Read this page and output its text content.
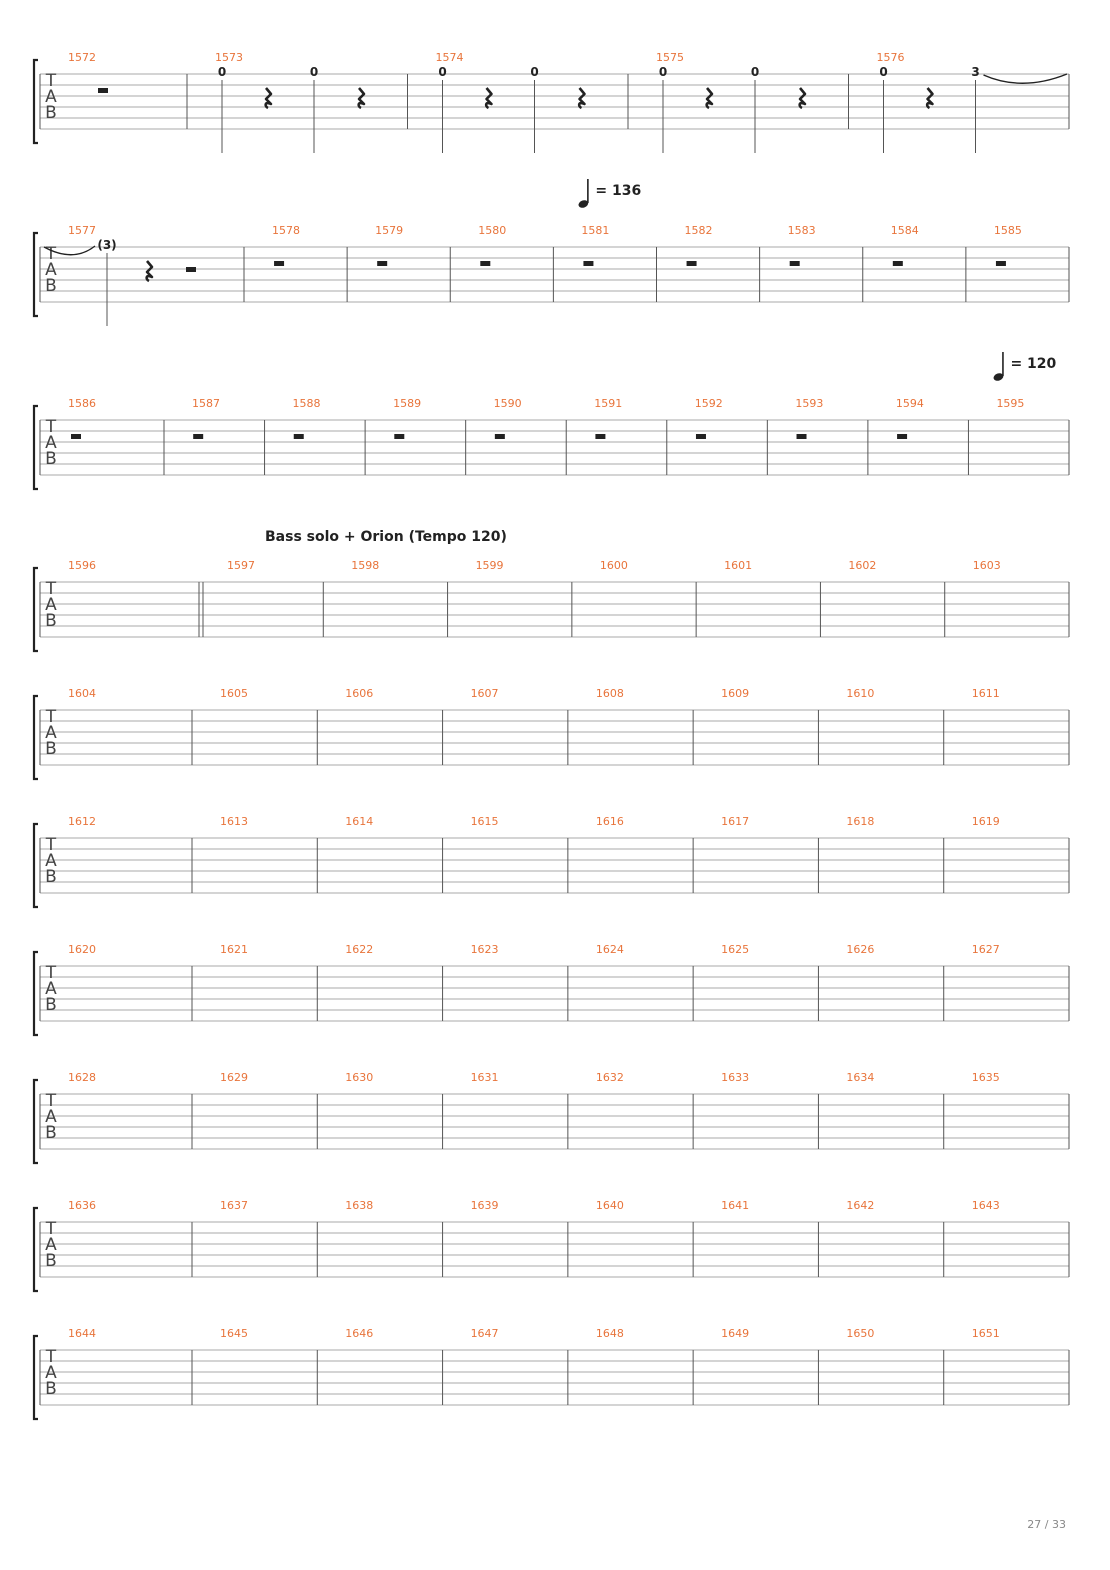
T
A
B
1572	1573
0	0
1574
0	0
1575
0	0
1576
0	3
T
A
B
1577
(3)
1578	1579	1580	1581	1582	1583	1584	1585
= 136
T
A
B
1586	1587	1588	1589	1590	1591	1592	1593	1594	1595
= 120
T
A
B
1596	1597	1598	1599	1600	1601	1602	1603
Bass solo + Orion (Tempo 120)
T
A
B
1604	1605	1606	1607	1608	1609	1610	1611
T
A
B
1612	1613	1614	1615	1616	1617	1618	1619
T
A
B
1620	1621	1622	1623	1624	1625	1626	1627
T
A
B
1628	1629	1630	1631	1632	1633	1634	1635
T
A
B
1636	1637	1638	1639	1640	1641	1642	1643
T
A
B
1644	1645	1646	1647	1648	1649	1650	1651
27 / 33
